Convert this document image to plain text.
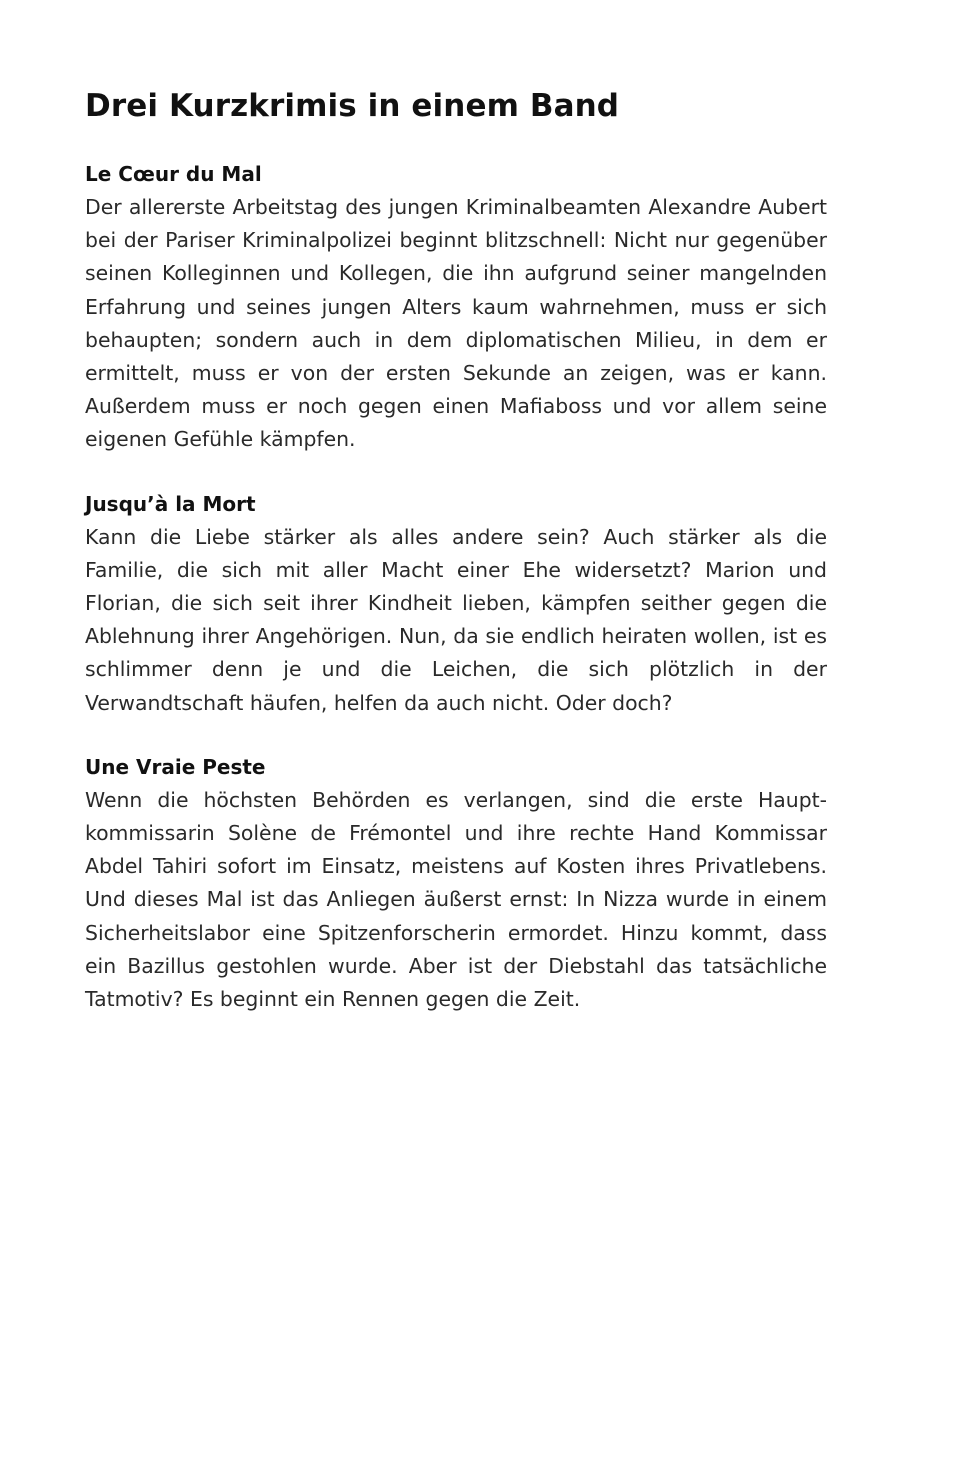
Drei Kurzkrimis in einem Band
Le Cœur du Mal

Der allererste Arbeitstag des jungen Kriminalbeamten Alexandre Aubert bei der Pariser Kriminalpolizei beginnt blitzschnell: Nicht nur gegenüber seinen Kolleginnen und Kollegen, die ihn aufgrund seiner mangelnden Erfahrung und seines jungen Alters kaum wahrnehmen, muss er sich behaupten; sondern auch in dem diplomatischen Milieu, in dem er ermittelt, muss er von der ersten Sekunde an zeigen, was er kann. Außerdem muss er noch gegen einen Mafiaboss und vor allem seine eigenen Gefühle kämpfen.

Jusqu’à la Mort

Kann die Liebe stärker als alles andere sein? Auch stärker als die Familie, die sich mit aller Macht einer Ehe widersetzt? Marion und Florian, die sich seit ihrer Kindheit lieben, kämpfen seither gegen die Ablehnung ihrer Angehörigen. Nun, da sie endlich heiraten wollen, ist es schlimmer denn je und die Leichen, die sich plötzlich in der Verwandtschaft häufen, helfen da auch nicht. Oder doch?

Une Vraie Peste

Wenn die höchsten Behörden es verlangen, sind die erste Hauptkommissarin Solène de Frémontel und ihre rechte Hand Kommissar Abdel Tahiri sofort im Einsatz, meistens auf Kosten ihres Privatlebens. Und dieses Mal ist das Anliegen äußerst ernst: In Nizza wurde in einem Sicherheitslabor eine Spitzenforscherin ermordet. Hinzu kommt, dass ein Bazillus gestohlen wurde. Aber ist der Diebstahl das tatsächliche Tatmotiv? Es beginnt ein Rennen gegen die Zeit.
